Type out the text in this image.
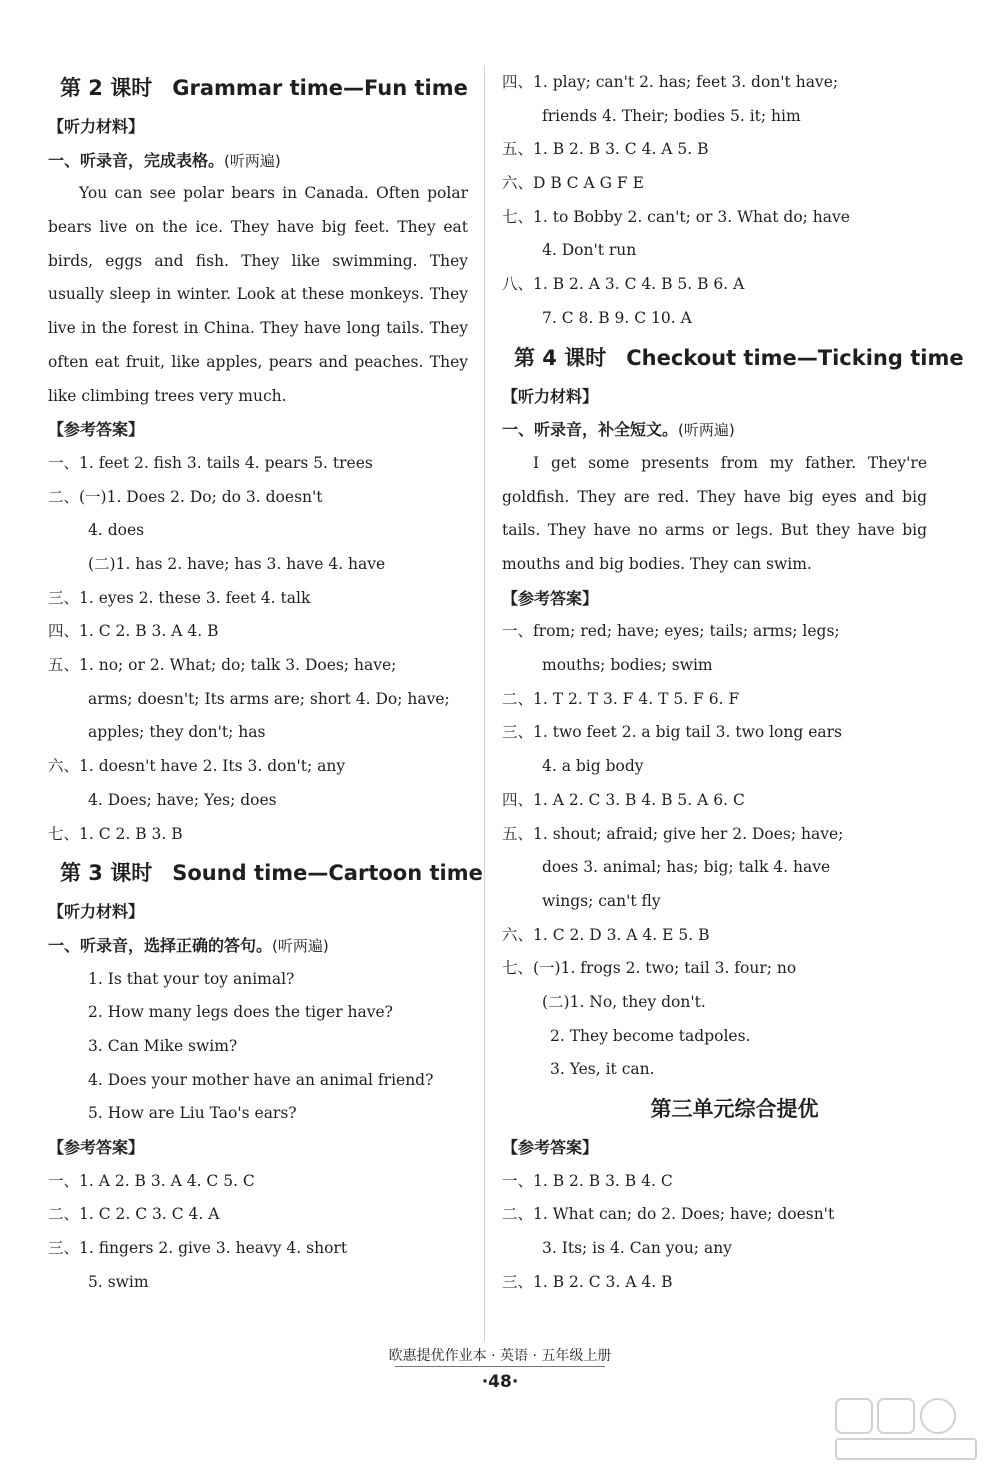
第 2 课时 Grammar time—Fun time
【听力材料】
一、听录音，完成表格。(听两遍)

You can see polar bears in Canada. Often polar bears live on the ice. They have big feet. They eat birds, eggs and fish. They like swimming. They usually sleep in winter. Look at these monkeys. They live in the forest in China. They have long tails. They often eat fruit, like apples, pears and peaches. They like climbing trees very much.

【参考答案】
一、1. feet 2. fish 3. tails 4. pears 5. trees
二、(一)1. Does 2. Do; do 3. doesn't
4. does
(二)1. has 2. have; has 3. have 4. have
三、1. eyes 2. these 3. feet 4. talk
四、1. C 2. B 3. A 4. B
五、1. no; or 2. What; do; talk 3. Does; have;
arms; doesn't; Its arms are; short 4. Do; have;
apples; they don't; has
六、1. doesn't have 2. Its 3. don't; any
4. Does; have; Yes; does
七、1. C 2. B 3. B
第 3 课时 Sound time—Cartoon time
【听力材料】
一、听录音，选择正确的答句。(听两遍)
1. Is that your toy animal?
2. How many legs does the tiger have?
3. Can Mike swim?
4. Does your mother have an animal friend?
5. How are Liu Tao's ears?
【参考答案】
一、1. A 2. B 3. A 4. C 5. C
二、1. C 2. C 3. C 4. A
三、1. fingers 2. give 3. heavy 4. short
5. swim
四、1. play; can't 2. has; feet 3. don't have;
friends 4. Their; bodies 5. it; him
五、1. B 2. B 3. C 4. A 5. B
六、D B C A G F E
七、1. to Bobby 2. can't; or 3. What do; have
4. Don't run
八、1. B 2. A 3. C 4. B 5. B 6. A
7. C 8. B 9. C 10. A
第 4 课时 Checkout time—Ticking time
【听力材料】
一、听录音，补全短文。(听两遍)

I get some presents from my father. They're goldfish. They are red. They have big eyes and big tails. They have no arms or legs. But they have big mouths and big bodies. They can swim.

【参考答案】
一、from; red; have; eyes; tails; arms; legs;
mouths; bodies; swim
二、1. T 2. T 3. F 4. T 5. F 6. F
三、1. two feet 2. a big tail 3. two long ears
4. a big body
四、1. A 2. C 3. B 4. B 5. A 6. C
五、1. shout; afraid; give her 2. Does; have;
does 3. animal; has; big; talk 4. have
wings; can't fly
六、1. C 2. D 3. A 4. E 5. B
七、(一)1. frogs 2. two; tail 3. four; no
(二)1. No, they don't.
2. They become tadpoles.
3. Yes, it can.
第三单元综合提优
【参考答案】
一、1. B 2. B 3. B 4. C
二、1. What can; do 2. Does; have; doesn't
3. Its; is 4. Can you; any
三、1. B 2. C 3. A 4. B
欧惠提优作业本 · 英语 · 五年级上册
·48·
